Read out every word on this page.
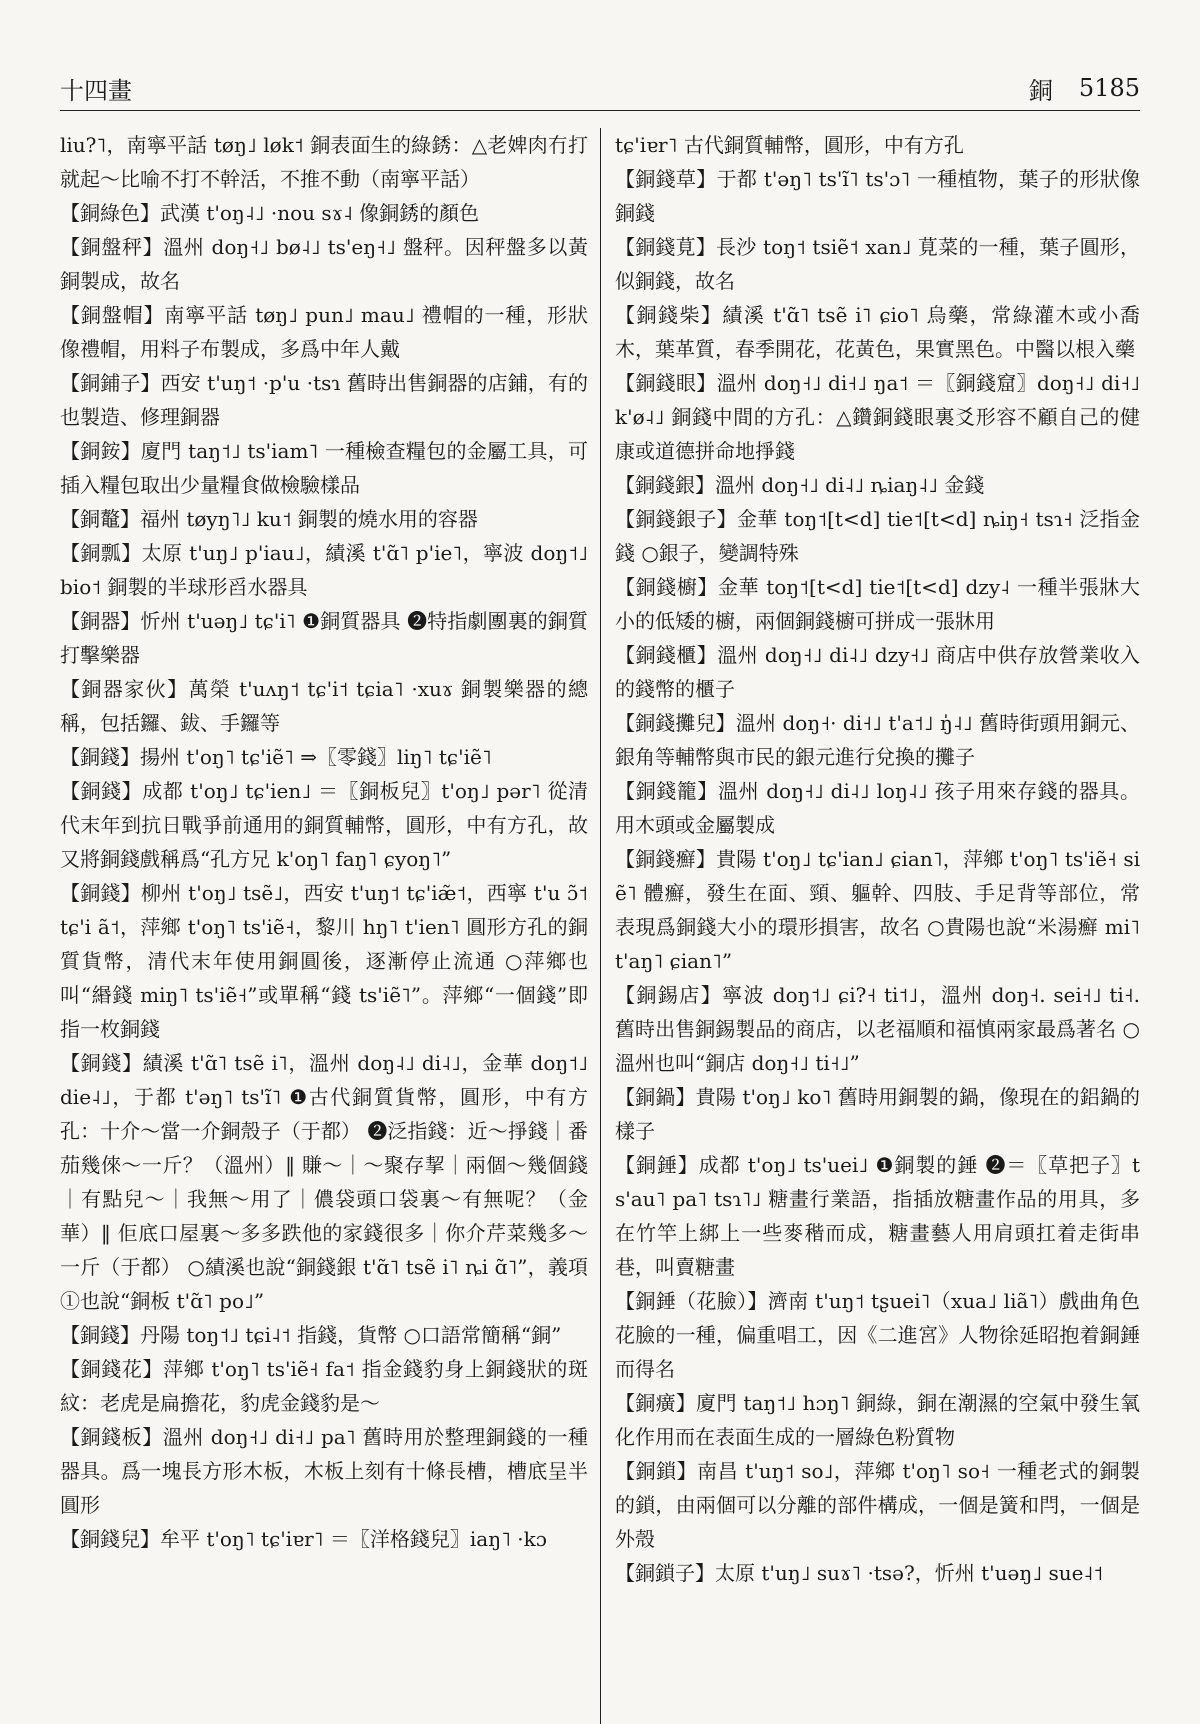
十四畫	銅 5185

liu?˥，南寧平話 tøŋ˩ løk˦ 銅表面生的綠銹：△老婢肉冇打就起～比喻不打不幹活，不推不動（南寧平話）

【銅綠色】武漢 t'oŋ˨˩ ·nou sɤ˨ 像銅銹的顏色

【銅盤秤】溫州 doŋ˧˩ bø˨˩ ts'eŋ˧˩ 盤秤。因秤盤多以黃銅製成，故名

【銅盤帽】南寧平話 tøŋ˩ pun˩ mau˩ 禮帽的一種，形狀像禮帽，用料子布製成，多爲中年人戴

【銅鋪子】西安 t'uŋ˦ ·p'u ·tsɿ 舊時出售銅器的店鋪，有的也製造、修理銅器

【銅銨】廈門 taŋ˦˩ ts'iam˥ 一種檢查糧包的金屬工具，可插入糧包取出少量糧食做檢驗樣品

【銅鼇】福州 tøyŋ˥˩ ku˦ 銅製的燒水用的容器

【銅瓢】太原 t'uŋ˩ p'iau˩，績溪 t'ɑ̃˥ p'ie˥，寧波 doŋ˦˩ bio˦ 銅製的半球形舀水器具

【銅器】忻州 t'uəŋ˩ tɕ'i˥ ❶銅質器具 ❷特指劇團裏的銅質打擊樂器

【銅器家伙】萬榮 t'uʌŋ˦ tɕ'i˦ tɕia˥ ·xuɤ 銅製樂器的總稱，包括鑼、鈸、手鑼等

【銅錢】揚州 t'oŋ˥ tɕ'iẽ˥ ⇒〖零錢〗liŋ˥ tɕ'iẽ˥

【銅錢】成都 t'oŋ˩ tɕ'ien˩ ＝〖銅板兒〗t'oŋ˩ pər˥ 從清代末年到抗日戰爭前通用的銅質輔幣，圓形，中有方孔，故又將銅錢戲稱爲“孔方兄 k'oŋ˥ faŋ˥ ɕyoŋ˥”

【銅錢】柳州 t'oŋ˩ tsẽ˩，西安 t'uŋ˦ tɕ'iæ̃˦，西寧 t'u ɔ̃˦ tɕ'i ã˦，萍鄉 t'oŋ˥ ts'iẽ˧，黎川 hŋ˥ t'ien˥ 圓形方孔的銅質貨幣，清代末年使用銅圓後，逐漸停止流通 ○萍鄉也叫“緡錢 miŋ˥ ts'iẽ˧”或單稱“錢 ts'iẽ˥”。萍鄉“一個錢”即指一枚銅錢

【銅錢】績溪 t'ɑ̃˥ tsẽ i˥，溫州 doŋ˨˩ di˨˩，金華 doŋ˦˩ die˨˩，于都 t'əŋ˥ ts'ĩ˥ ❶古代銅質貨幣，圓形，中有方孔：十介～當一介銅殼子（于都） ❷泛指錢：近～掙錢｜番茄幾倈～一斤？（溫州）‖ 賺～｜～聚存挈｜兩個～幾個錢｜有點兒～｜我無～用了｜儂袋頭口袋裏～有無呢？（金華）‖ 佢底口屋裏～多多跌他的家錢很多｜你介芹菜幾多～一斤（于都） ○績溪也說“銅錢銀 t'ɑ̃˥ tsẽ i˥ ȵi ɑ̃˥”，義項①也說“銅板 t'ɑ̃˥ po˩”

【銅錢】丹陽 toŋ˦˩ tɕi˨˦ 指錢，貨幣 ○口語常簡稱“銅”

【銅錢花】萍鄉 t'oŋ˥ ts'iẽ˧ fa˦ 指金錢豹身上銅錢狀的斑紋：老虎是扁擔花，豹虎金錢豹是～

【銅錢板】溫州 doŋ˧˩ di˧˩ pa˥ 舊時用於整理銅錢的一種器具。爲一塊長方形木板，木板上刻有十條長槽，槽底呈半圓形

【銅錢兒】牟平 t'oŋ˥ tɕ'iɐr˥ ＝〖洋格錢兒〗iaŋ˥ ·kɔ

tɕ'iɐr˥ 古代銅質輔幣，圓形，中有方孔

【銅錢草】于都 t'əŋ˥ ts'ĩ˥ ts'ɔ˥ 一種植物，葉子的形狀像銅錢

【銅錢莧】長沙 toŋ˦ tsiẽ˦ xan˩ 莧菜的一種，葉子圓形，似銅錢，故名

【銅錢柴】績溪 t'ɑ̃˥ tsẽ i˥ ɕio˥ 烏藥，常綠灌木或小喬木，葉革質，春季開花，花黃色，果實黑色。中醫以根入藥

【銅錢眼】溫州 doŋ˧˩ di˧˩ ŋa˦ ＝〖銅錢窟〗doŋ˧˩ di˧˩ k'ø˨˩ 銅錢中間的方孔：△鑽銅錢眼裏爻形容不顧自己的健康或道德拼命地掙錢

【銅錢銀】溫州 doŋ˧˩ di˨˩ ȵiaŋ˨˩ 金錢

【銅錢銀子】金華 toŋ˦[t<d] tie˦[t<d] ȵiŋ˧ tsɿ˧ 泛指金錢 ○銀子，變調特殊

【銅錢櫥】金華 toŋ˦[t<d] tie˦[t<d] dzy˨ 一種半張牀大小的低矮的櫥，兩個銅錢櫥可拼成一張牀用

【銅錢櫃】溫州 doŋ˧˩ di˨˩ dzy˧˩ 商店中供存放營業收入的錢幣的櫃子

【銅錢攤兒】溫州 doŋ˧· di˧˩ t'a˦˩ ŋ̍˨˩ 舊時街頭用銅元、銀角等輔幣與市民的銀元進行兌換的攤子

【銅錢籠】溫州 doŋ˧˩ di˨˩ loŋ˨˩ 孩子用來存錢的器具。用木頭或金屬製成

【銅錢癬】貴陽 t'oŋ˩ tɕ'ian˩ ɕian˥，萍鄉 t'oŋ˥ ts'iẽ˧ siẽ˥ 體癬，發生在面、頸、軀幹、四肢、手足背等部位，常表現爲銅錢大小的環形損害，故名 ○貴陽也說“米湯癬 mi˥ t'aŋ˥ ɕian˥”

【銅錫店】寧波 doŋ˦˩ ɕi?˧ ti˦˩，溫州 doŋ˧. sei˧˩ ti˧. 舊時出售銅錫製品的商店，以老福順和福慎兩家最爲著名 ○溫州也叫“銅店 doŋ˧˩ ti˧˩”

【銅鍋】貴陽 t'oŋ˩ ko˥ 舊時用銅製的鍋，像現在的鋁鍋的樣子

【銅錘】成都 t'oŋ˩ ts'uei˩ ❶銅製的錘 ❷＝〖草把子〗ts'au˥ pa˥ tsɿ˥˩ 糖畫行業語，指插放糖畫作品的用具，多在竹竿上綁上一些麥稭而成，糖畫藝人用肩頭扛着走街串巷，叫賣糖畫

【銅錘（花臉）】濟南 t'uŋ˦ tʂuei˥（xua˩ liã˥）戲曲角色花臉的一種，偏重唱工，因《二進宮》人物徐延昭抱着銅錘而得名

【銅癀】廈門 taŋ˦˩ hɔŋ˥ 銅綠，銅在潮濕的空氣中發生氧化作用而在表面生成的一層綠色粉質物

【銅鎖】南昌 t'uŋ˦ so˩，萍鄉 t'oŋ˥ so˧ 一種老式的銅製的鎖，由兩個可以分離的部件構成，一個是簧和閂，一個是外殼

【銅鎖子】太原 t'uŋ˩ suɤ˥ ·tsə?，忻州 t'uəŋ˩ sue˨˦
